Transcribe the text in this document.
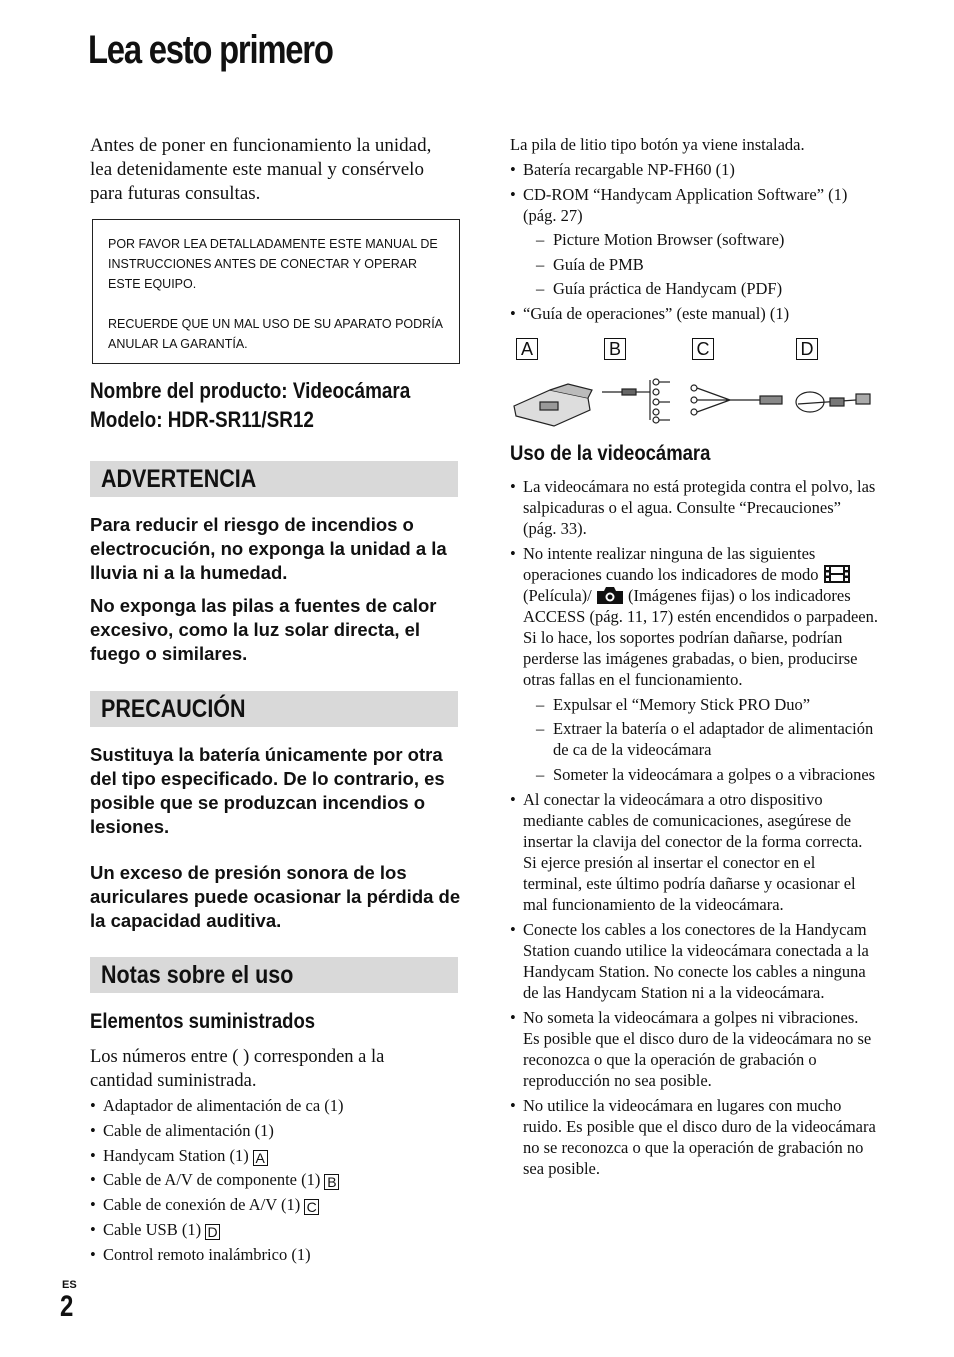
Lea esto primero

Antes de poner en funcionamiento la unidad, lea detenidamente este manual y consérvelo para futuras consultas.

POR FAVOR LEA DETALLADAMENTE ESTE MANUAL DE INSTRUCCIONES ANTES DE CONECTAR Y OPERAR ESTE EQUIPO.

RECUERDE QUE UN MAL USO DE SU APARATO PODRÍA ANULAR LA GARANTÍA.

Nombre del producto: Videocámara
Modelo: HDR-SR11/SR12
ADVERTENCIA

Para reducir el riesgo de incendios o electrocución, no exponga la unidad a la lluvia ni a la humedad.

No exponga las pilas a fuentes de calor excesivo, como la luz solar directa, el fuego o similares.

PRECAUCIÓN

Sustituya la batería únicamente por otra del tipo especificado. De lo contrario, es posible que se produzcan incendios o lesiones.

Un exceso de presión sonora de los auriculares puede ocasionar la pérdida de la capacidad auditiva.

Notas sobre el uso
Elementos suministrados

Los números entre ( ) corresponden a la cantidad suministrada.

• Adaptador de alimentación de ca (1)
• Cable de alimentación (1)
• Handycam Station (1) A
• Cable de A/V de componente (1) B
• Cable de conexión de A/V (1) C
• Cable USB (1) D
• Control remoto inalámbrico (1)

La pila de litio tipo botón ya viene instalada.

• Batería recargable NP-FH60 (1)
• CD-ROM “Handycam Application Software” (1) (pág. 27)
– Picture Motion Browser (software)
– Guía de PMB
– Guía práctica de Handycam (PDF)
• “Guía de operaciones” (este manual) (1)
A	B	C	D
Uso de la videocámara
• La videocámara no está protegida contra el polvo, las salpicaduras o el agua. Consulte “Precauciones” (pág. 33).
• No intente realizar ninguna de las siguientes operaciones cuando los indicadores de modo  (Película)/ (Imágenes fijas) o los indicadores ACCESS (pág. 11, 17) estén encendidos o parpadeen. Si lo hace, los soportes podrían dañarse, podrían perderse las imágenes grabadas, o bien, producirse otras fallas en el funcionamiento.
– Expulsar el “Memory Stick PRO Duo”
– Extraer la batería o el adaptador de alimentación de ca de la videocámara
– Someter la videocámara a golpes o a vibraciones
• Al conectar la videocámara a otro dispositivo mediante cables de comunicaciones, asegúrese de insertar la clavija del conector de la forma correcta. Si ejerce presión al insertar el conector en el terminal, este último podría dañarse y ocasionar el mal funcionamiento de la videocámara.
• Conecte los cables a los conectores de la Handycam Station cuando utilice la videocámara conectada a la Handycam Station. No conecte los cables a ninguna de las Handycam Station ni a la videocámara.
• No someta la videocámara a golpes ni vibraciones. Es posible que el disco duro de la videocámara no se reconozca o que la operación de grabación o reproducción no sea posible.
• No utilice la videocámara en lugares con mucho ruido. Es posible que el disco duro de la videocámara no se reconozca o que la operación de grabación no sea posible.
ES
2
